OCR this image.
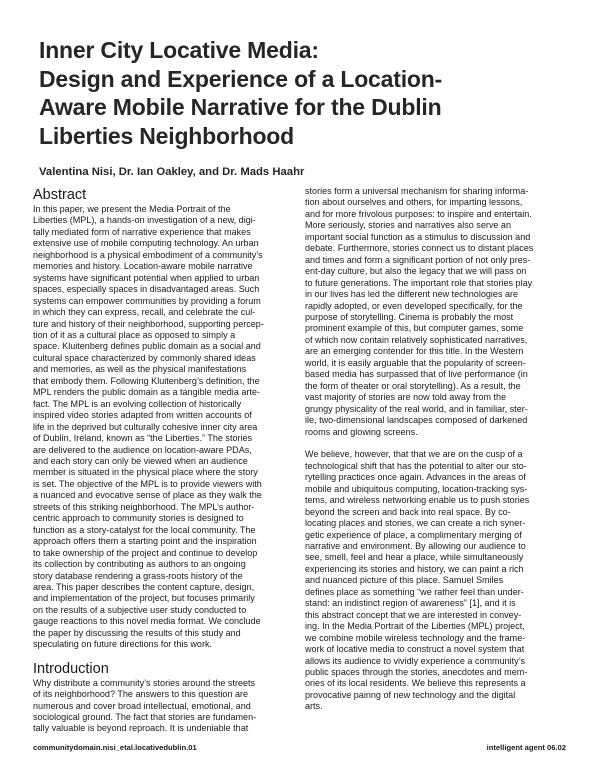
Inner City Locative Media:
Design and Experience of a Location-
Aware Mobile Narrative for the Dublin
Liberties Neighborhood
Valentina Nisi, Dr. Ian Oakley, and Dr. Mads Haahr
Abstract
In this paper, we present the Media Portrait of the
Liberties (MPL), a hands-on investigation of a new, digi-
tally mediated form of narrative experience that makes
extensive use of mobile computing technology. An urban
neighborhood is a physical embodiment of a community’s
memories and history. Location-aware mobile narrative
systems have significant potential when applied to urban
spaces, especially spaces in disadvantaged areas. Such
systems can empower communities by providing a forum
in which they can express, recall, and celebrate the cul-
ture and history of their neighborhood, supporting percep-
tion of it as a cultural place as opposed to simply a
space. Kluitenberg defines public domain as a social and
cultural space characterized by commonly shared ideas
and memories, as well as the physical manifestations
that embody them. Following Kluitenberg’s definition, the
MPL renders the public domain as a tangible media arte-
fact. The MPL is an evolving collection of historically
inspired video stories adapted from written accounts of
life in the deprived but culturally cohesive inner city area
of Dublin, Ireland, known as “the Liberties.” The stories
are delivered to the audience on location-aware PDAs,
and each story can only be viewed when an audience
member is situated in the physical place where the story
is set. The objective of the MPL is to provide viewers with
a nuanced and evocative sense of place as they walk the
streets of this striking neighborhood. The MPL’s author-
centric approach to community stories is designed to
function as a story-catalyst for the local community. The
approach offers them a starting point and the inspiration
to take ownership of the project and continue to develop
its collection by contributing as authors to an ongoing
story database rendering a grass-roots history of the
area. This paper describes the content capture, design,
and implementation of the project, but focuses primarily
on the results of a subjective user study conducted to
gauge reactions to this novel media format. We conclude
the paper by discussing the results of this study and
speculating on future directions for this work.
Introduction
Why distribute a community’s stories around the streets
of its neighborhood? The answers to this question are
numerous and cover broad intellectual, emotional, and
sociological ground. The fact that stories are fundamen-
tally valuable is beyond reproach. It is undeniable that
stories form a universal mechanism for sharing informa-
tion about ourselves and others, for imparting lessons,
and for more frivolous purposes: to inspire and entertain.
More seriously, stories and narratives also serve an
important social function as a stimulus to discussion and
debate. Furthermore, stories connect us to distant places
and times and form a significant portion of not only pres-
ent-day culture, but also the legacy that we will pass on
to future generations. The important role that stories play
in our lives has led the different new technologies are
rapidly adopted, or even developed specifically, for the
purpose of storytelling. Cinema is probably the most
prominent example of this, but computer games, some
of which now contain relatively sophisticated narratives,
are an emerging contender for this title. In the Western
world, it is easily arguable that the popularity of screen-
based media has surpassed that of live performance (in
the form of theater or oral storytelling). As a result, the
vast majority of stories are now told away from the
grungy physicality of the real world, and in familiar, ster-
ile, two-dimensional landscapes composed of darkened
rooms and glowing screens.
We believe, however, that that we are on the cusp of a
technological shift that has the potential to alter our sto-
rytelling practices once again. Advances in the areas of
mobile and ubiquitous computing, location-tracking sys-
tems, and wireless networking enable us to push stories
beyond the screen and back into real space. By co-
locating places and stories, we can create a rich syner-
getic experience of place, a complimentary merging of
narrative and environment. By allowing our audience to
see, smell, feel and hear a place, while simultaneously
experiencing its stories and history, we can paint a rich
and nuanced picture of this place. Samuel Smiles
defines place as something “we rather feel than under-
stand: an indistinct region of awareness” [1], and it is
this abstract concept that we are interested in convey-
ing. In the Media Portrait of the Liberties (MPL) project,
we combine mobile wireless technology and the frame-
work of locative media to construct a novel system that
allows its audience to vividly experience a community’s
public spaces through the stories, anecdotes and mem-
ories of its local residents. We believe this represents a
provocative pairing of new technology and the digital
arts.
communitydomain.nisi_etal.locativedublin.01	intelligent agent 06.02
